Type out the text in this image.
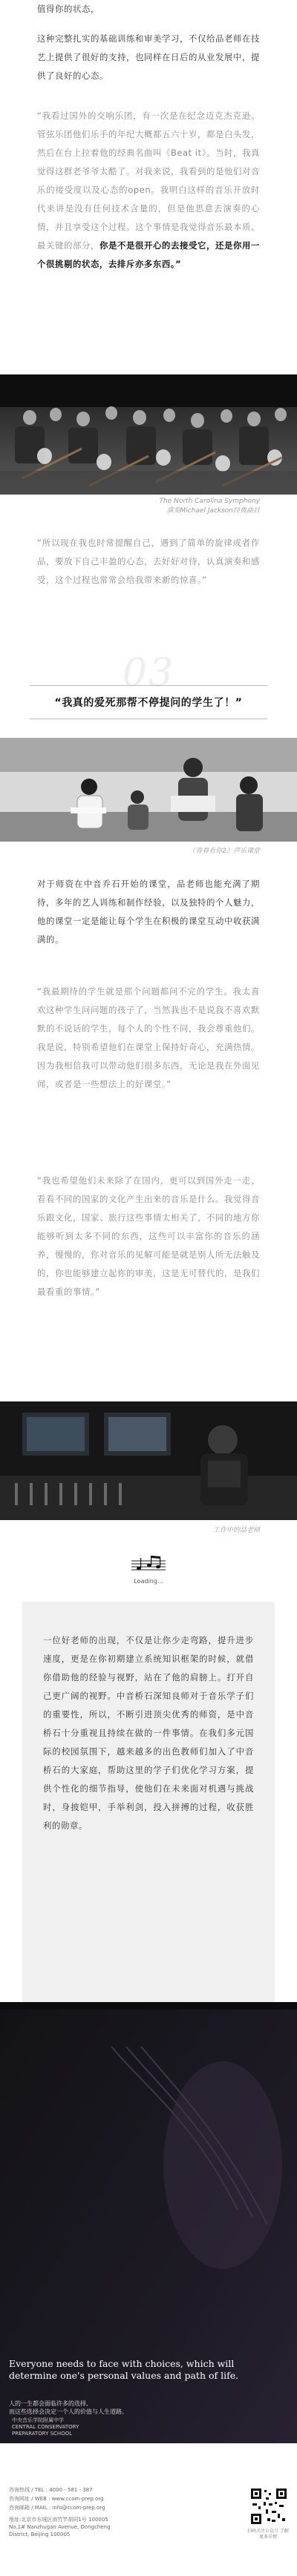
值得你的状态，

这种完整扎实的基础训练和审美学习，不仅给品老师在技艺上提供了很好的支持，也同样在日后的从业发展中，提供了良好的心态。

“我看过国外的交响乐团，有一次是在纪念迈克杰克逊。管弦乐团他们乐手的年纪大概都五六十岁，都是白头发，然后在台上拉着他的经典名曲叫《Beat it》。当时，我真觉得这群老爷爷太酷了。对我来说，我看到的是他们对音乐的接受度以及心态的open。我明白这样的音乐开放时代来讲是没有任何技术含量的，但是他思意去演奏的心情，并且享受这个过程。这个事情是我觉得音乐最本质、最关键的部分，你是不是很开心的去接受它，还是你用一个很挑剔的状态，去排斥亦多东西。”

The North Carolina Symphony
演奏Michael Jackson经典曲目

“所以现在我也时常提醒自己，遇到了简单的旋律或者作品，要放下自己丰盈的心态，去好好对待，认真演奏和感受，这个过程也常常会给我带来新的惊喜。”

03
“我真的爱死那帮不停提问的学生了！”
《青春有你2》声乐课堂

对于师资在中音乔石开始的课堂，品老师也能充满了期待，多年的艺人训练和制作经验，以及独特的个人魅力，他的课堂一定是能让每个学生在积极的课堂互动中收获满满的。

“我最期待的学生就是那个问题都问不完的学生。我太喜欢这种学生问问题的孩子了，当然我也不是说我不喜欢默默的不说话的学生，每个人的个性不同，我会尊重他们。我是说，特别希望他们在课堂上保持好奇心，充满热情。因为我相信我可以带动他们很多东西，无论是我在外面见闻，或者是一些想法上的好课堂。”

“我也希望他们未来除了在国内，更可以到国外走一走，看看不同的国家的文化产生出来的音乐是什么。我觉得音乐跟文化，国家、旅行这些事情太相关了，不同的地方你能够听到太多不同的东西，这些可以丰富你的音乐的涵养，慢慢的，你对音乐的见解可能是就是别人所无法触及的，你也能够建立起你的审美，这是无可替代的，是我们最看重的事情。”

工作中的品老师
Loading...

一位好老师的出现，不仅是让你少走弯路，提升进步速度，更是在你初期建立系统知识框架的时候，就借你借助他的经验与视野，站在了他的肩膀上。打开自己更广阔的视野。中音桥石深知良师对于音乐学子们的重要性，所以，不断引进顶尖优秀的师资，是中音桥石十分重视且持续在做的一件事情。在我们多元国际的校园氛围下，越来越多的出色教师们加入了中音桥石的大家庭，帮助这里的学子们优化学习方案，提供个性化的细节指导，使他们在未来面对机遇与挑战时，身披铠甲，手举利剑，投入拼搏的过程，收获胜利的勋章。

中央音乐学院附属中学
CENTRAL CONSERVATORY
PREPARATORY SCHOOL
Everyone needs to face with choices, which will determine one's personal values and path of life.
人的一生都会面临许多的选择,
而这些选择会决定一个人的价值与人生道路。
咨询热线 / TEL : 4000 - 581 - 387
咨询网址 / WEB : www.ccom-prep.org
咨询邮箱 / MAIL : info@ccom-prep.org
地址:北京市东城区南竹竿胡同1号 100005
No.1# Nanzhugan Avenue, Dongcheng
District, Beijing 100005
扫码关注公众号 了解更多详情
